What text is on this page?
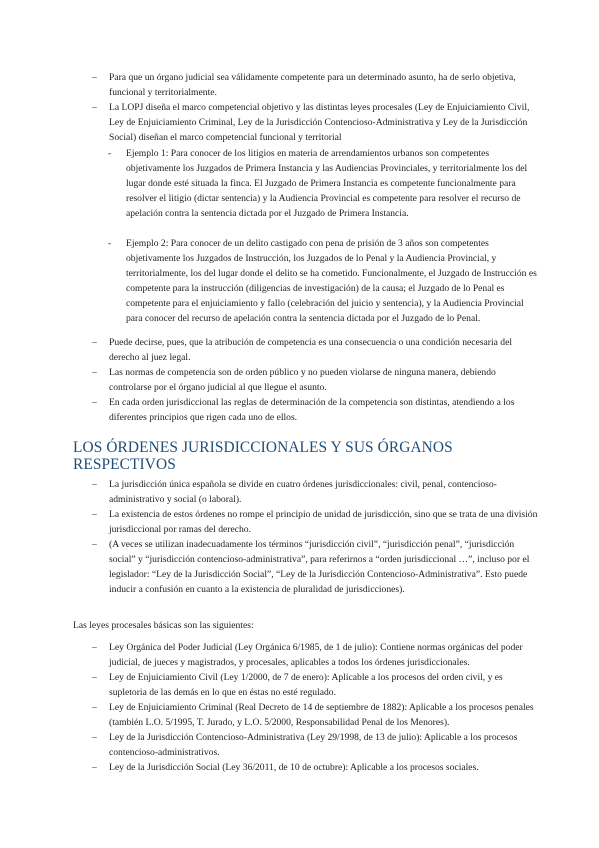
– Para que un órgano judicial sea válidamente competente para un determinado asunto, ha de serlo objetiva, funcional y territorialmente.
– La LOPJ diseña el marco competencial objetivo y las distintas leyes procesales (Ley de Enjuiciamiento Civil, Ley de Enjuiciamiento Criminal, Ley de la Jurisdicción Contencioso-Administrativa y Ley de la Jurisdicción Social) diseñan el marco competencial funcional y territorial
- Ejemplo 1: Para conocer de los litigios en materia de arrendamientos urbanos son competentes objetivamente los Juzgados de Primera Instancia y las Audiencias Provinciales, y territorialmente los del lugar donde esté situada la finca. El Juzgado de Primera Instancia es competente funcionalmente para resolver el litigio (dictar sentencia) y la Audiencia Provincial es competente para resolver el recurso de apelación contra la sentencia dictada por el Juzgado de Primera Instancia.
- Ejemplo 2: Para conocer de un delito castigado con pena de prisión de 3 años son competentes objetivamente los Juzgados de Instrucción, los Juzgados de lo Penal y la Audiencia Provincial, y territorialmente, los del lugar donde el delito se ha cometido. Funcionalmente, el Juzgado de Instrucción es competente para la instrucción (diligencias de investigación) de la causa; el Juzgado de lo Penal es competente para el enjuiciamiento y fallo (celebración del juicio y sentencia), y la Audiencia Provincial para conocer del recurso de apelación contra la sentencia dictada por el Juzgado de lo Penal.
– Puede decirse, pues, que la atribución de competencia es una consecuencia o una condición necesaria del derecho al juez legal.
– Las normas de competencia son de orden público y no pueden violarse de ninguna manera, debiendo controlarse por el órgano judicial al que llegue el asunto.
– En cada orden jurisdiccional las reglas de determinación de la competencia son distintas, atendiendo a los diferentes principios que rigen cada uno de ellos.
LOS ÓRDENES JURISDICCIONALES Y SUS ÓRGANOS RESPECTIVOS
– La jurisdicción única española se divide en cuatro órdenes jurisdiccionales: civil, penal, contencioso-administrativo y social (o laboral).
– La existencia de estos órdenes no rompe el principio de unidad de jurisdicción, sino que se trata de una división jurisdiccional por ramas del derecho.
– (A veces se utilizan inadecuadamente los términos “jurisdicción civil”, “jurisdicción penal”, “jurisdicción social” y “jurisdicción contencioso-administrativa”, para referirnos a “orden jurisdiccional …”, incluso por el legislador: “Ley de la Jurisdicción Social”, “Ley de la Jurisdicción Contencioso-Administrativa”. Esto puede inducir a confusión en cuanto a la existencia de pluralidad de jurisdicciones).
Las leyes procesales básicas son las siguientes:
– Ley Orgánica del Poder Judicial (Ley Orgánica 6/1985, de 1 de julio): Contiene normas orgánicas del poder judicial, de jueces y magistrados, y procesales, aplicables a todos los órdenes jurisdiccionales.
– Ley de Enjuiciamiento Civil (Ley 1/2000, de 7 de enero): Aplicable a los procesos del orden civil, y es supletoria de las demás en lo que en éstas no esté regulado.
– Ley de Enjuiciamiento Criminal (Real Decreto de 14 de septiembre de 1882): Aplicable a los procesos penales (también L.O. 5/1995, T. Jurado, y L.O. 5/2000, Responsabilidad Penal de los Menores).
– Ley de la Jurisdicción Contencioso-Administrativa (Ley 29/1998, de 13 de julio): Aplicable a los procesos contencioso-administrativos.
– Ley de la Jurisdicción Social (Ley 36/2011, de 10 de octubre): Aplicable a los procesos sociales.
